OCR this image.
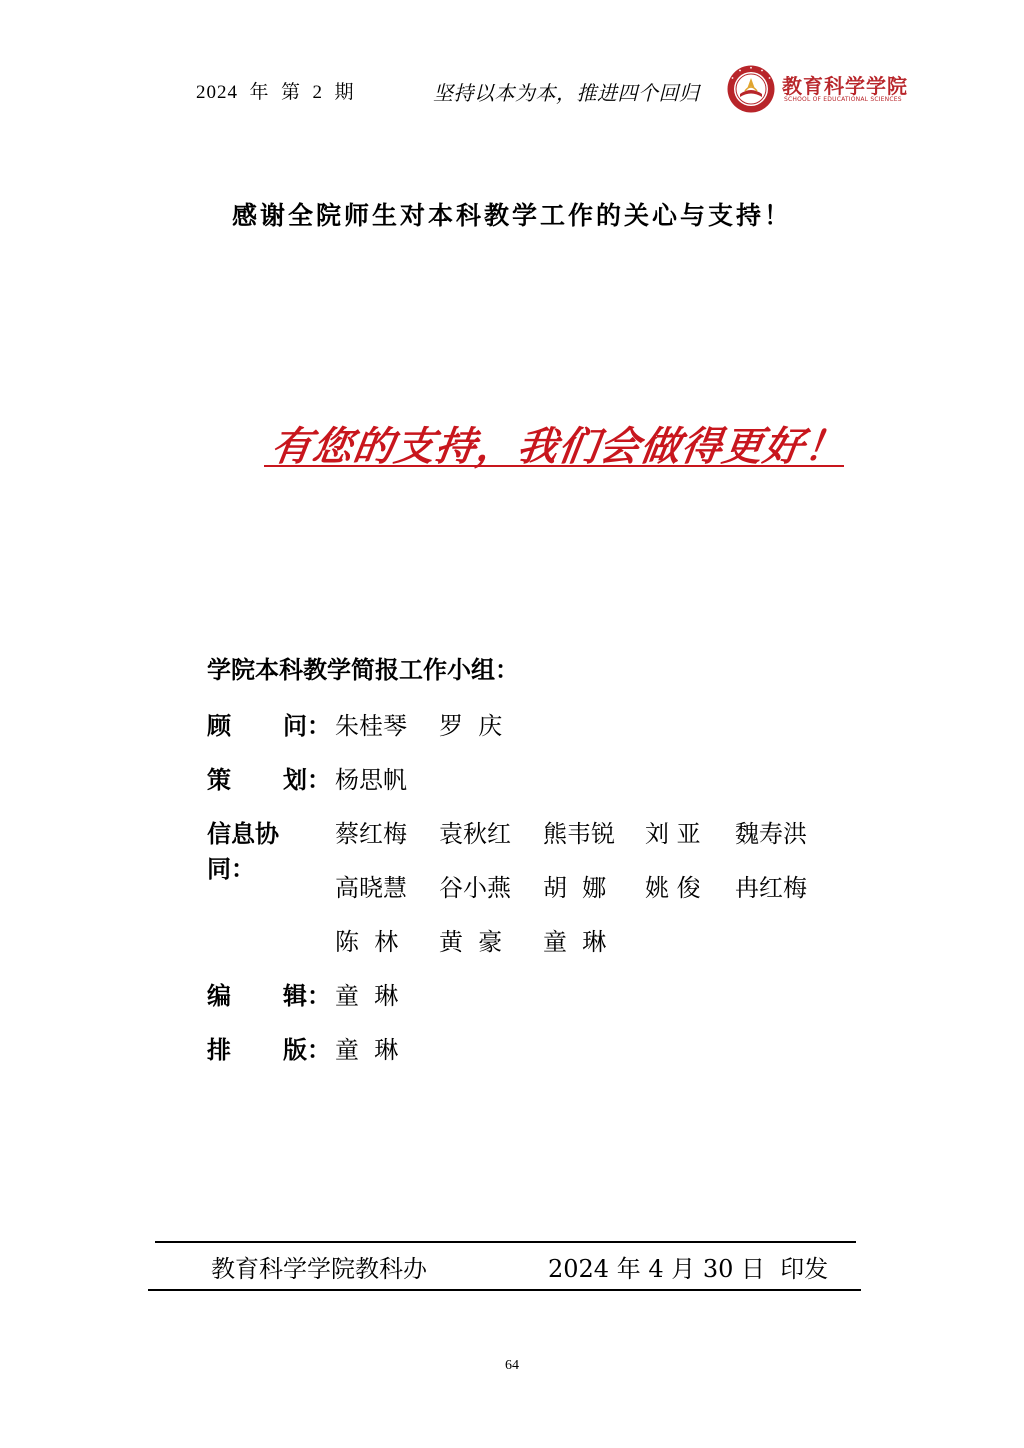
2024  年  第  2  期	坚持以本为本，推进四个回归	教育科学学院
SCHOOL OF EDUCATIONAL SCIENCES
感谢全院师生对本科教学工作的关心与支持！
有您的支持，我们会做得更好！
学院本科教学简报工作小组：
顾 问： 朱桂琴 罗  庆
策 划： 杨思帆
信息协同：
蔡红梅 袁秋红 熊韦锐 刘 亚 魏寿洪
高晓慧 谷小燕 胡  娜 姚 俊 冉红梅
陈  林 黄  豪 童  琳
编 辑： 童  琳
排 版： 童  琳
教育科学学院教科办	2024 年 4 月 30 日  印发
64
